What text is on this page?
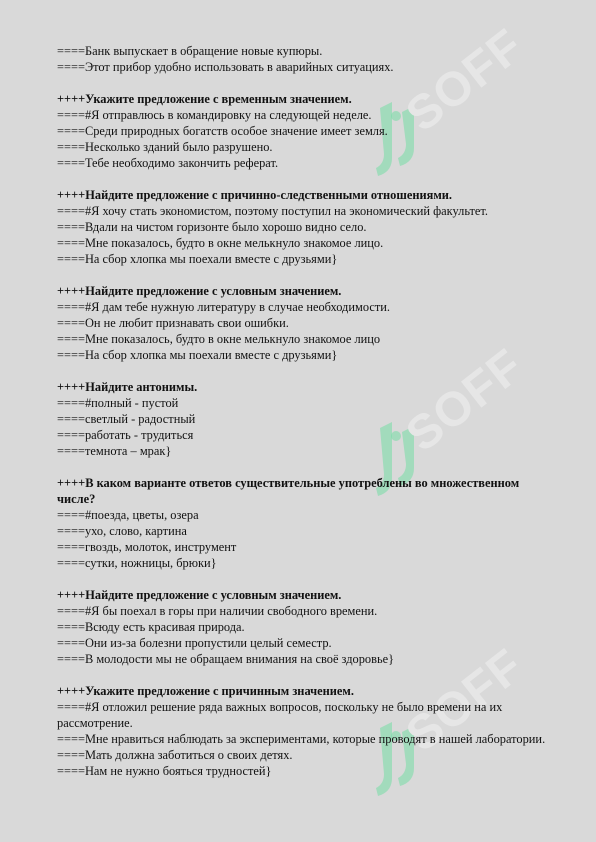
SOFF
SOFF
SOFF
====Банк выпускает в обращение новые купюры.
====Этот прибор удобно использовать в аварийных ситуациях.
++++Укажите предложение с временным значением.
====#Я отправлюсь в командировку на следующей неделе.
====Среди природных богатств особое значение имеет земля.
====Несколько зданий было разрушено.
====Тебе необходимо закончить реферат.
++++Найдите предложение с причинно-следственными отношениями.
====#Я хочу стать экономистом, поэтому поступил на экономический факультет.
====Вдали на чистом горизонте было хорошо видно село.
====Мне показалось, будто в окне мелькнуло знакомое лицо.
====На сбор хлопка мы поехали вместе с друзьями}
++++Найдите предложение с условным значением.
====#Я дам тебе нужную литературу в случае необходимости.
====Он не любит признавать свои ошибки.
====Мне показалось, будто в окне мелькнуло знакомое лицо
====На сбор хлопка мы поехали вместе с друзьями}
++++Найдите антонимы.
====#полный - пустой
====светлый - радостный
====работать - трудиться
====темнота – мрак}
++++В каком варианте ответов существительные употреблены во множественном числе?
====#поезда, цветы, озера
====ухо, слово, картина
====гвоздь, молоток, инструмент
====сутки, ножницы, брюки}
++++Найдите предложение с условным значением.
====#Я бы поехал в горы при наличии свободного времени.
====Всюду есть красивая природа.
====Они из-за болезни пропустили целый семестр.
====В молодости мы не обращаем внимания на своё здоровье}
++++Укажите предложение с причинным значением.
====#Я отложил решение ряда важных вопросов, поскольку не было времени на их рассмотрение.
====Мне нравиться наблюдать за экспериментами, которые проводят в нашей лаборатории.
====Мать должна заботиться о своих детях.
====Нам не нужно бояться трудностей}
